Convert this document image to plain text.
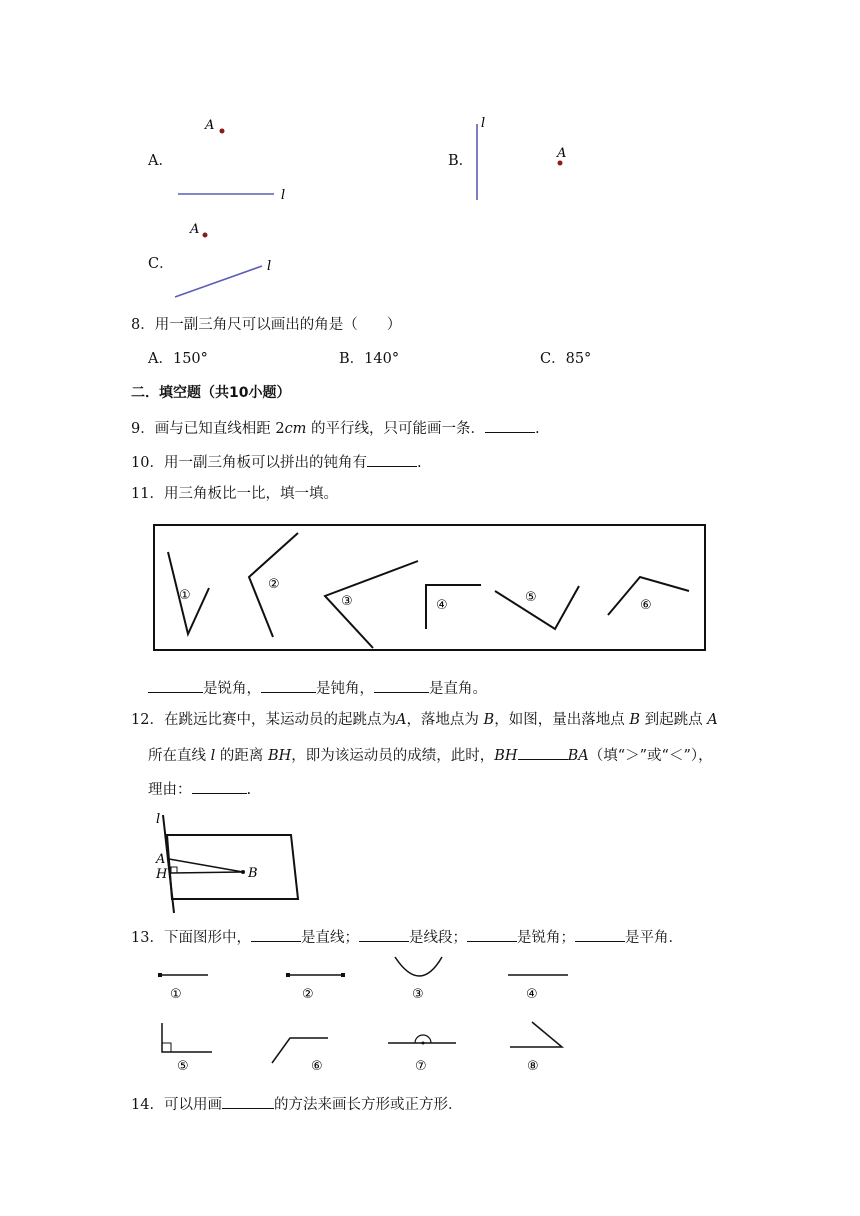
A．
A
l
B．
l
A
C．
A
l
8．用一副三角尺可以画出的角是（　　）
A．150°	B．140°	C．85°
二．填空题（共10小题）
9．画与已知直线相距 2cm 的平行线，只可能画一条．	.
10．用一副三角板可以拼出的钝角有	.
11．用三角板比一比，填一填。
①
②
③	④
⑤
⑥
是锐角，	是钝角，	是直角。
12．在跳远比赛中，某运动员的起跳点为A，落地点为 B，如图，量出落地点 B 到起跳点 A
所在直线 l 的距离 BH，即为该运动员的成绩，此时，BH	BA（填“＞”或“＜”），
理由：	.
l
A
H	B
13．下面图形中，	是直线；	是线段；	是锐角；	是平角．
①	②	③	④
⑤	⑥	⑦	⑧
14．可以用画	的方法来画长方形或正方形．
